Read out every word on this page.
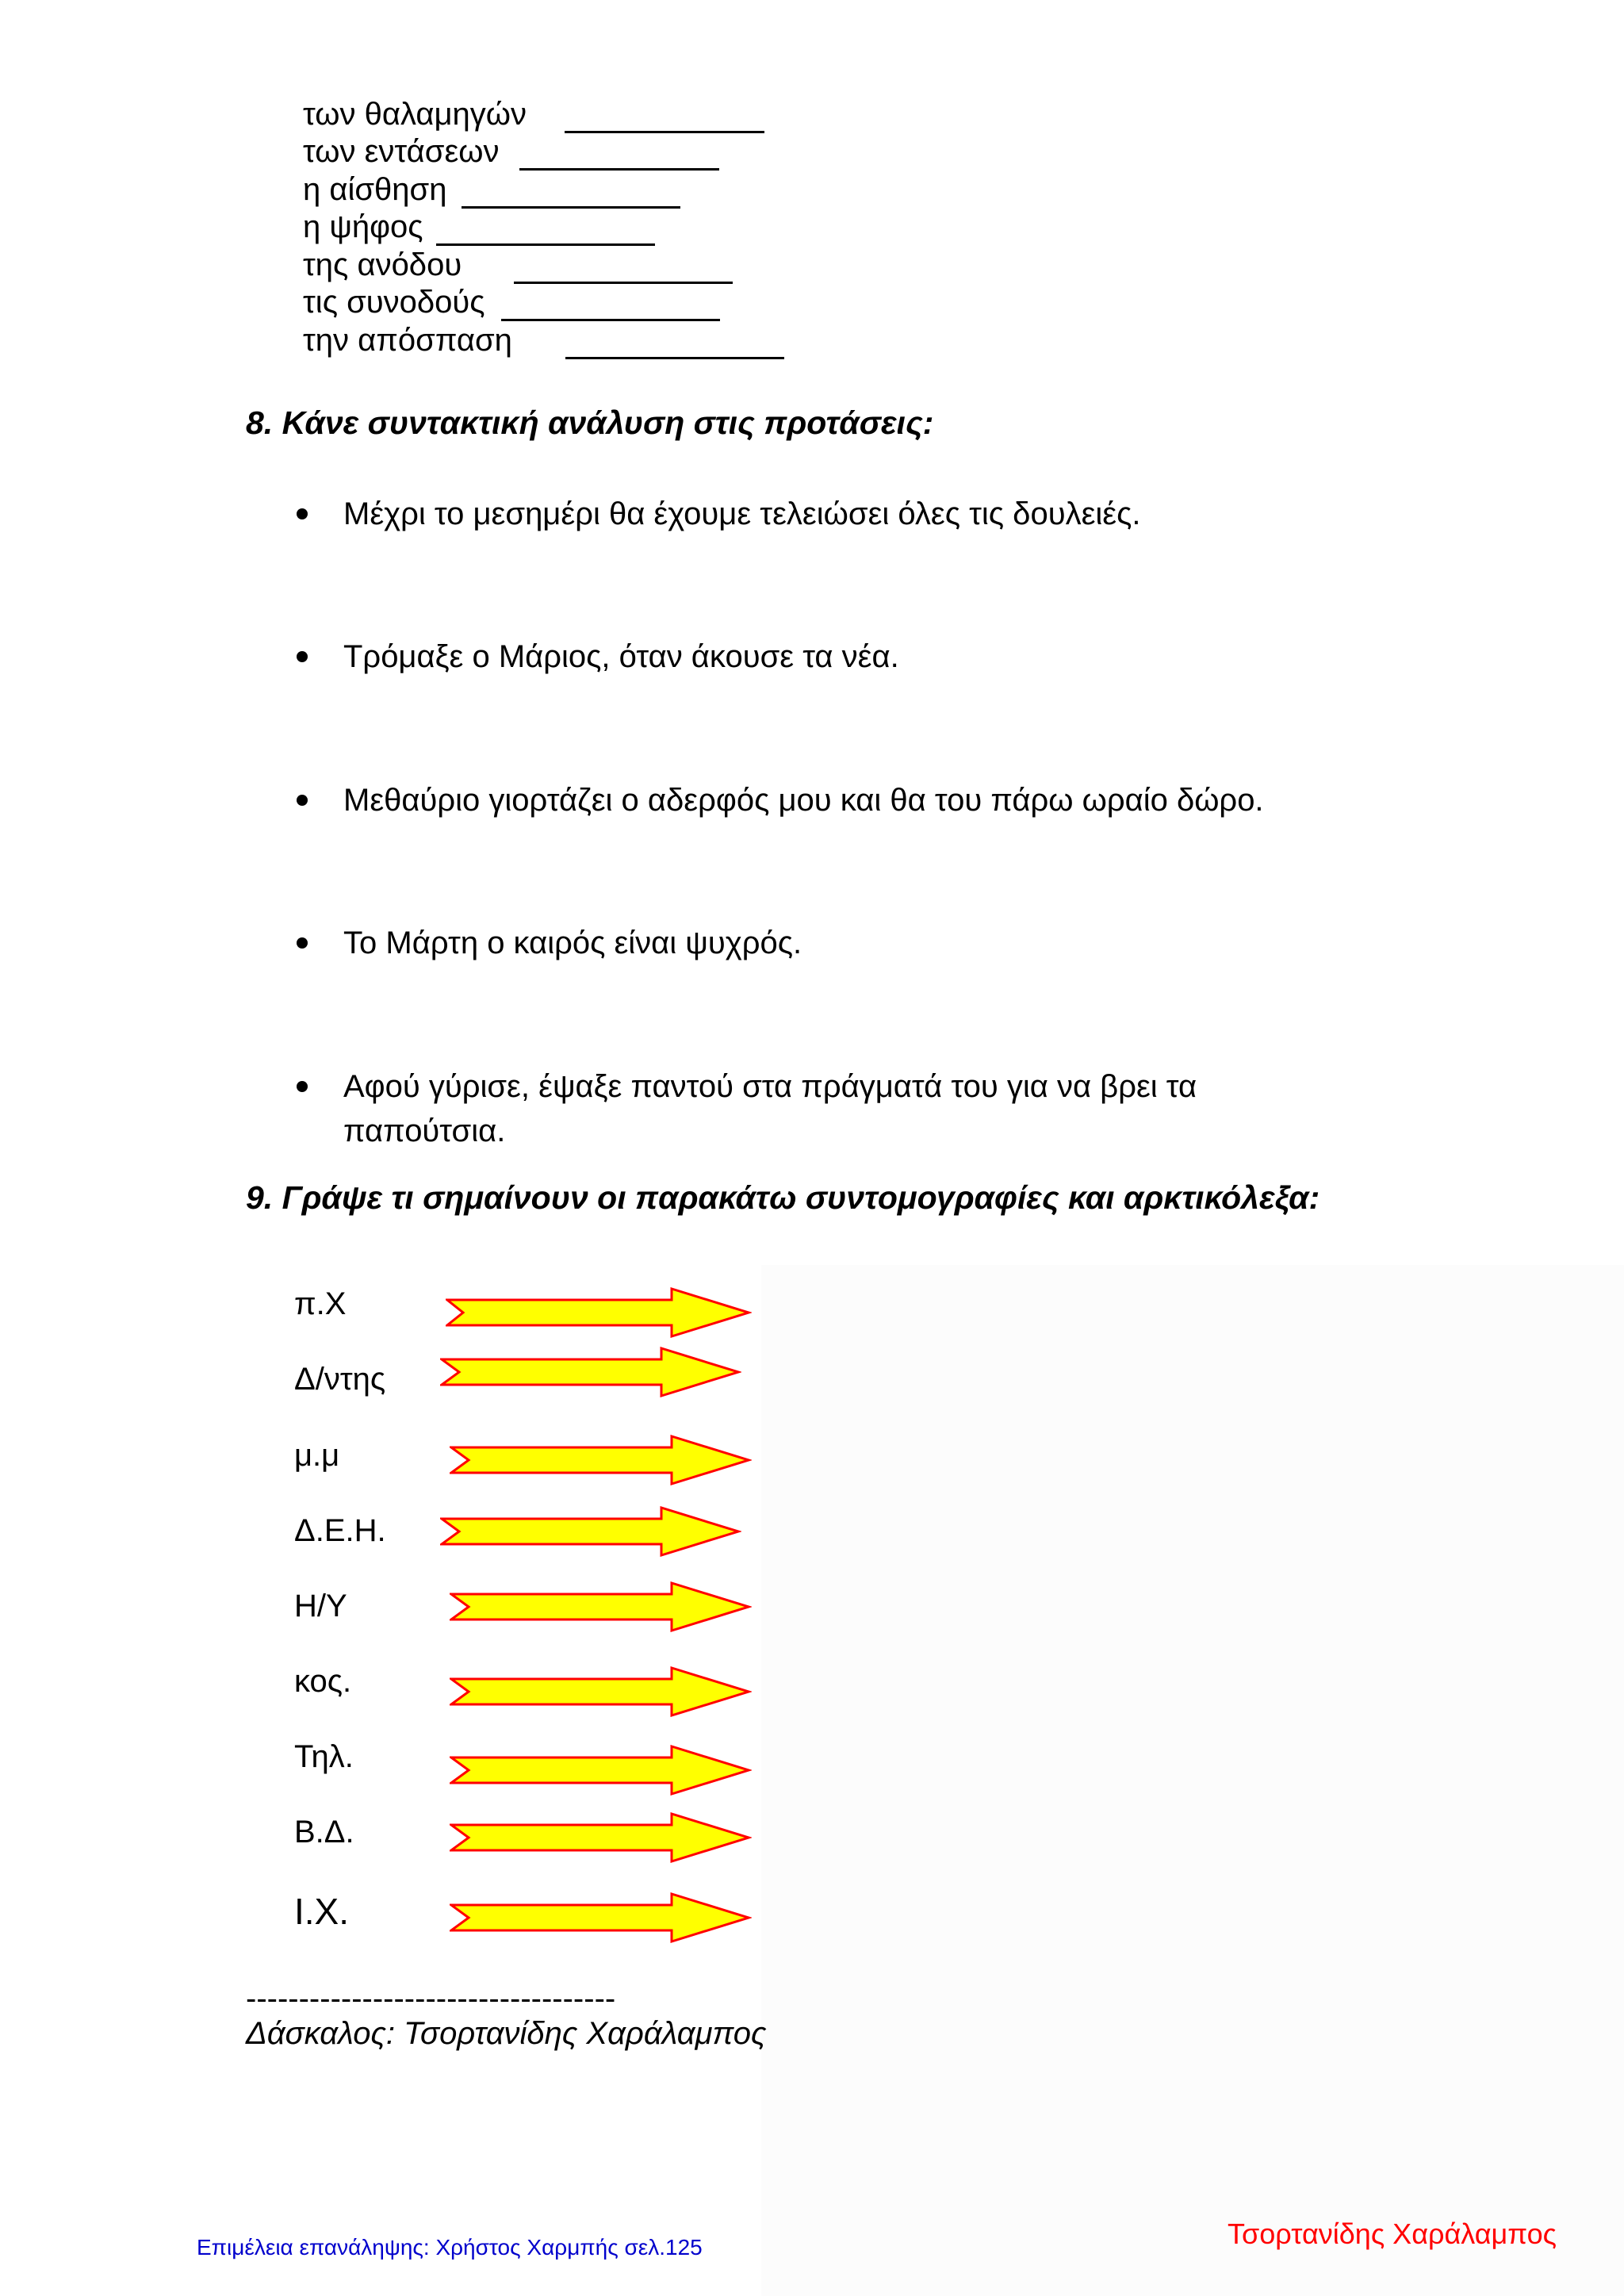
των θαλαμηγών
των εντάσεων
η αίσθηση
η ψήφος
της ανόδου
τις συνοδούς
την απόσπαση
8. Κάνε συντακτική ανάλυση στις προτάσεις:
Μέχρι το μεσημέρι θα έχουμε τελειώσει όλες τις δουλειές.
Τρόμαξε ο Μάριος, όταν άκουσε τα νέα.
Μεθαύριο γιορτάζει ο αδερφός μου και θα του πάρω ωραίο δώρο.
Το Μάρτη ο καιρός είναι ψυχρός.
Αφού γύρισε, έψαξε παντού στα πράγματά του για να βρει τα παπούτσια.
9. Γράψε τι σημαίνουν οι παρακάτω συντομογραφίες και αρκτικόλεξα:
π.Χ
Δ/ντης
μ.μ
Δ.Ε.Η.
Η/Υ
κος.
Τηλ.
Β.Δ.
Ι.Χ.
-----------------------------------
Δάσκαλος: Τσορτανίδης Χαράλαμπος
Επιμέλεια επανάληψης: Χρήστος Χαρμπής σελ.125	Τσορτανίδης Χαράλαμπος
